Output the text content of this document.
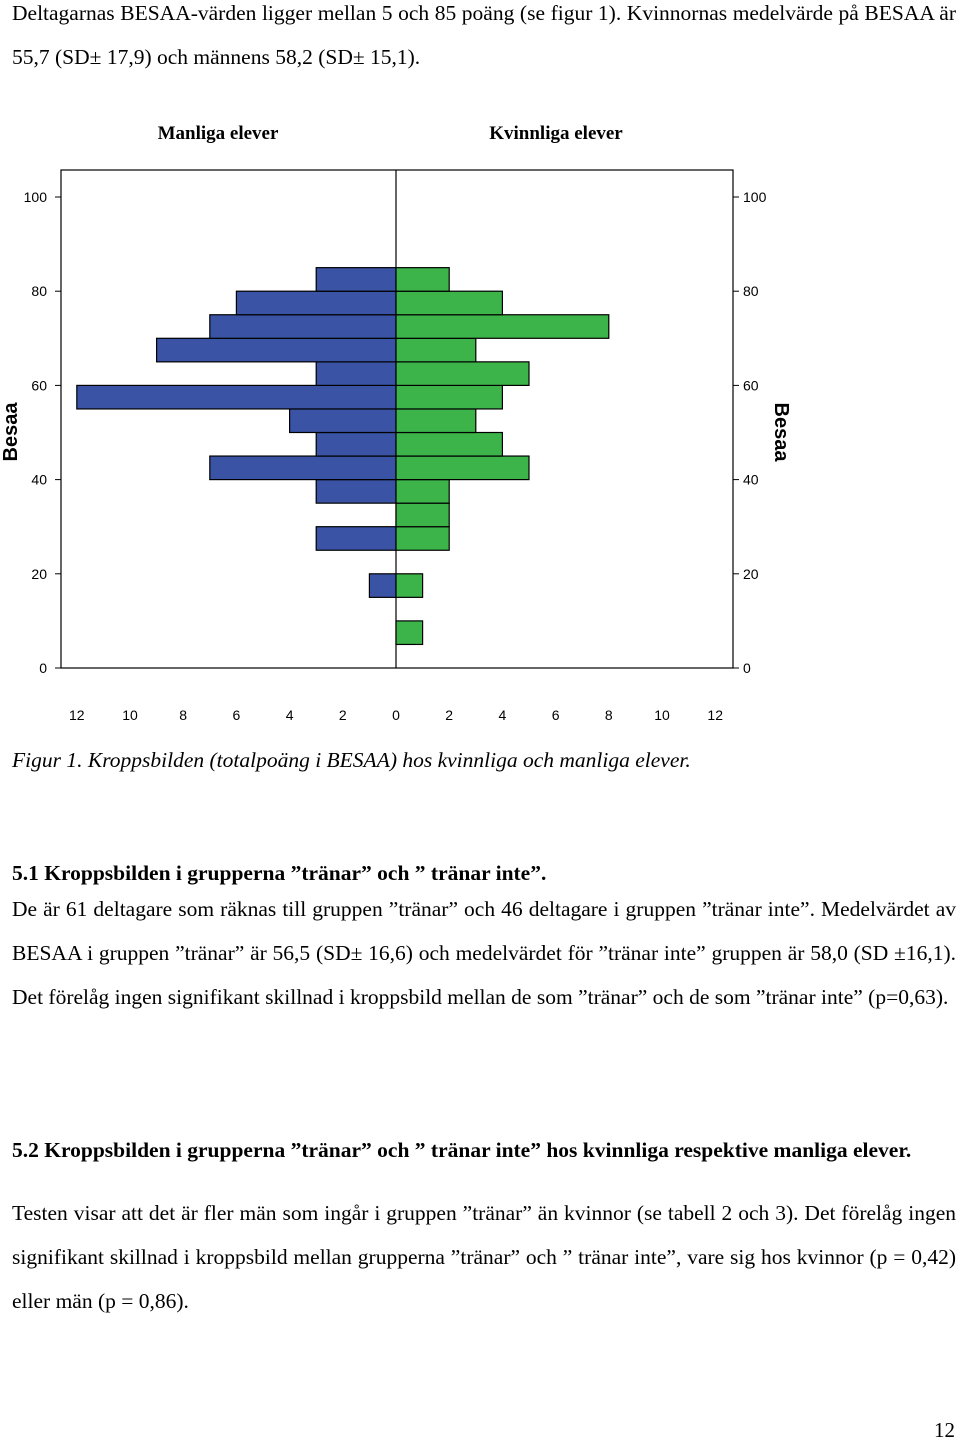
Deltagarnas BESAA-värden ligger mellan 5 och 85 poäng (se figur 1). Kvinnornas medelvärde på BESAA är 55,7 (SD± 17,9) och männens 58,2 (SD± 15,1).

Manliga elever	Kvinnliga elever
Besaa	Besaa
0	0
20	20
40	40
60	60
80	80
100	100
12	10	8	6	4	2	0	2	4	6	8	10	12

Figur 1. Kroppsbilden (totalpoäng i BESAA) hos kvinnliga och manliga elever.

5.1 Kroppsbilden i grupperna ”tränar” och ” tränar inte”.

De är 61 deltagare som räknas till gruppen ”tränar” och 46 deltagare i gruppen ”tränar inte”. Medelvärdet av BESAA i gruppen ”tränar” är 56,5 (SD± 16,6) och medelvärdet för ”tränar inte” gruppen är 58,0 (SD ±16,1). Det förelåg ingen signifikant skillnad i kroppsbild mellan de som ”tränar” och de som ”tränar inte” (p=0,63).

5.2 Kroppsbilden i grupperna ”tränar” och ” tränar inte” hos kvinnliga respektive manliga elever.

Testen visar att det är fler män som ingår i gruppen ”tränar” än kvinnor (se tabell 2 och 3). Det förelåg ingen signifikant skillnad i kroppsbild mellan grupperna ”tränar” och ” tränar inte”, vare sig hos kvinnor (p = 0,42) eller män (p = 0,86).

12
